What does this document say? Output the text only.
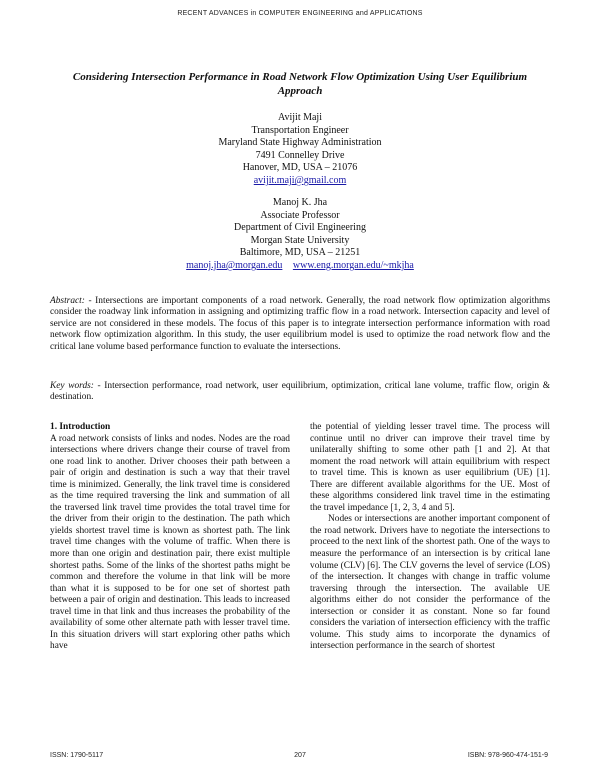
RECENT ADVANCES in COMPUTER ENGINEERING and APPLICATIONS
Considering Intersection Performance in Road Network Flow Optimization Using User Equilibrium Approach
Avijit Maji
Transportation Engineer
Maryland State Highway Administration
7491 Connelley Drive
Hanover, MD, USA – 21076
avijit.maji@gmail.com
Manoj K. Jha
Associate Professor
Department of Civil Engineering
Morgan State University
Baltimore, MD, USA – 21251
manoj.jha@morgan.edu www.eng.morgan.edu/~mkjha
Abstract: - Intersections are important components of a road network. Generally, the road network flow optimization algorithms consider the roadway link information in assigning and optimizing traffic flow in a road network. Intersection capacity and level of service are not considered in these models. The focus of this paper is to integrate intersection performance information with road network flow optimization algorithm. In this study, the user equilibrium model is used to optimize the road network flow and the critical lane volume based performance function to evaluate the intersections.
Key words: - Intersection performance, road network, user equilibrium, optimization, critical lane volume, traffic flow, origin & destination.

1. Introduction

A road network consists of links and nodes. Nodes are the road intersections where drivers change their course of travel from one road link to another. Driver chooses their path between a pair of origin and destination is such a way that their travel time is minimized. Generally, the link travel time is considered as the time required traversing the link and summation of all the traversed link travel time provides the total travel time for the driver from their origin to the destination. The path which yields shortest travel time is known as shortest path. The link travel time changes with the volume of traffic. When there is more than one origin and destination pair, there exist multiple shortest paths. Some of the links of the shortest paths might be common and therefore the volume in that link will be more than what it is supposed to be for one set of shortest path between a pair of origin and destination. This leads to increased travel time in that link and thus increases the probability of the availability of some other alternate path with lesser travel time. In this situation drivers will start exploring other paths which have

the potential of yielding lesser travel time. The process will continue until no driver can improve their travel time by unilaterally shifting to some other path [1 and 2]. At that moment the road network will attain equilibrium with respect to travel time. This is known as user equilibrium (UE) [1]. There are different available algorithms for the UE. Most of these algorithms considered link travel time in the estimating the travel impedance [1, 2, 3, 4 and 5].

Nodes or intersections are another important component of the road network. Drivers have to negotiate the intersections to proceed to the next link of the shortest path. One of the ways to measure the performance of an intersection is by critical lane volume (CLV) [6]. The CLV governs the level of service (LOS) of the intersection. It changes with change in traffic volume traversing through the intersection. The available UE algorithms either do not consider the performance of the intersection or consider it as constant. None so far found considers the variation of intersection efficiency with the traffic volume. This study aims to incorporate the dynamics of intersection performance in the search of shortest

ISSN: 1790-5117	207	ISBN: 978-960-474-151-9
